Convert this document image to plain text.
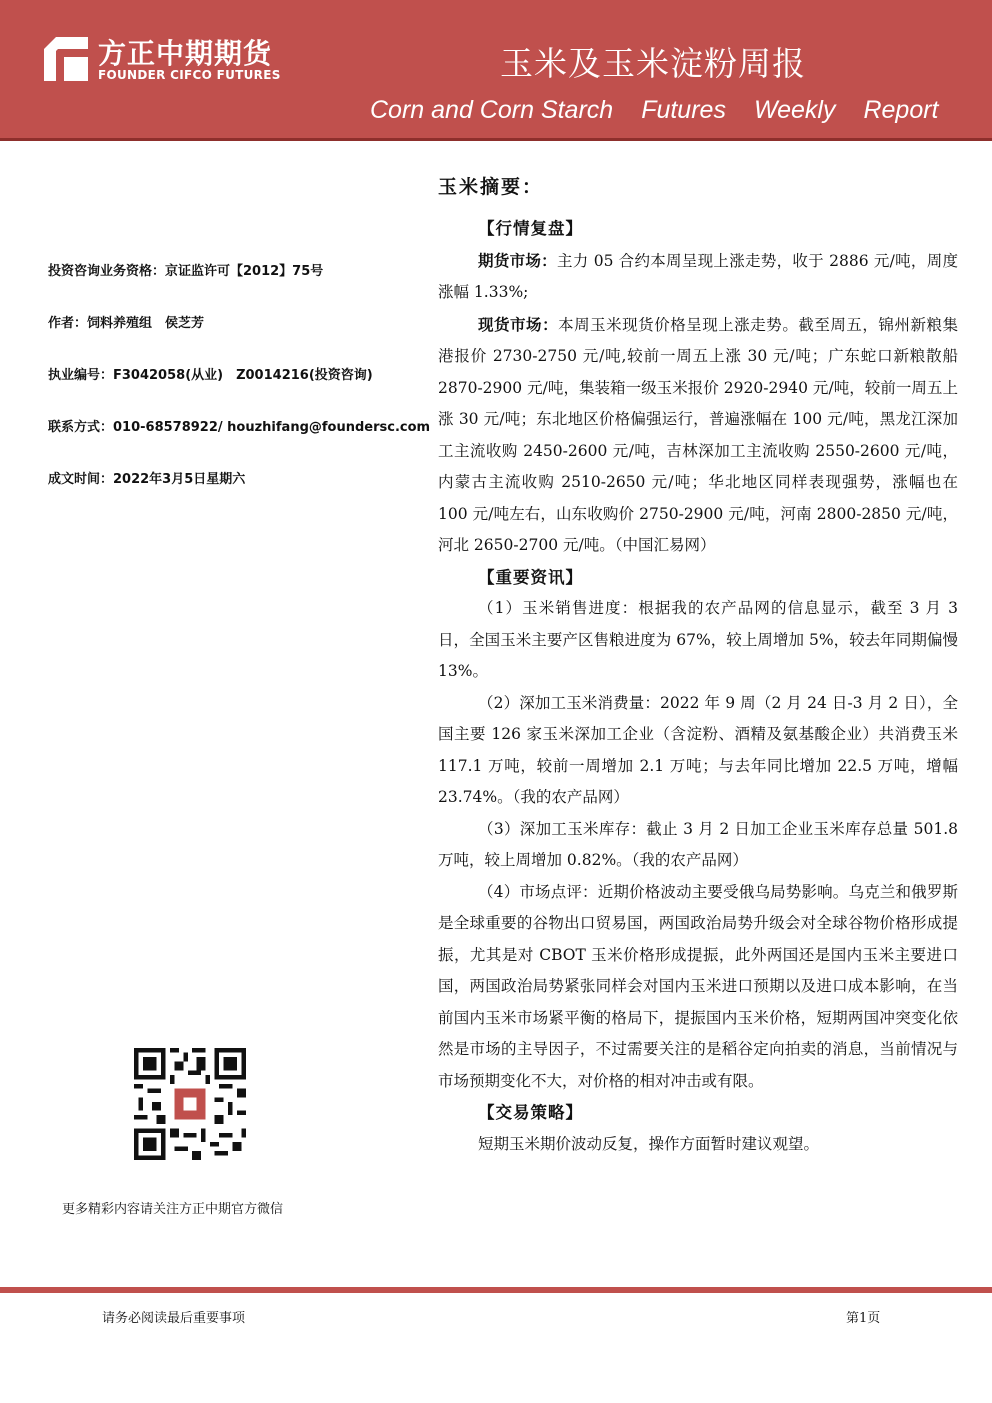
方正中期期货
FOUNDER CIFCO FUTURES	玉米及玉米淀粉周报
Corn and Corn Starch Futures Weekly Report
投资咨询业务资格：京证监许可【2012】75号
作者：饲料养殖组　侯芝芳
执业编号：F3042058(从业)　Z0014216(投资咨询)
联系方式：010-68578922/ houzhifang@foundersc.com
成文时间：2022年3月5日星期六
更多精彩内容请关注方正中期官方微信
玉米摘要：
【行情复盘】

期货市场：主力 05 合约本周呈现上涨走势，收于 2886 元/吨，周度涨幅 1.33%;

现货市场：本周玉米现货价格呈现上涨走势。截至周五，锦州新粮集港报价 2730-2750 元/吨,较前一周五上涨 30 元/吨；广东蛇口新粮散船 2870-2900 元/吨，集装箱一级玉米报价 2920-2940 元/吨，较前一周五上涨 30 元/吨；东北地区价格偏强运行，普遍涨幅在 100 元/吨，黑龙江深加工主流收购 2450-2600 元/吨，吉林深加工主流收购 2550-2600 元/吨，内蒙古主流收购 2510-2650 元/吨；华北地区同样表现强势，涨幅也在 100 元/吨左右，山东收购价 2750-2900 元/吨，河南 2800-2850 元/吨，河北 2650-2700 元/吨。（中国汇易网）

【重要资讯】

（1）玉米销售进度：根据我的农产品网的信息显示，截至 3 月 3 日，全国玉米主要产区售粮进度为 67%，较上周增加 5%，较去年同期偏慢 13%。

（2）深加工玉米消费量：2022 年 9 周（2 月 24 日-3 月 2 日），全国主要 126 家玉米深加工企业（含淀粉、酒精及氨基酸企业）共消费玉米 117.1 万吨，较前一周增加 2.1 万吨；与去年同比增加 22.5 万吨，增幅 23.74%。（我的农产品网）

（3）深加工玉米库存：截止 3 月 2 日加工企业玉米库存总量 501.8 万吨，较上周增加 0.82%。（我的农产品网）

（4）市场点评：近期价格波动主要受俄乌局势影响。乌克兰和俄罗斯是全球重要的谷物出口贸易国，两国政治局势升级会对全球谷物价格形成提振，尤其是对 CBOT 玉米价格形成提振，此外两国还是国内玉米主要进口国，两国政治局势紧张同样会对国内玉米进口预期以及进口成本影响，在当前国内玉米市场紧平衡的格局下，提振国内玉米价格，短期两国冲突变化依然是市场的主导因子，不过需要关注的是稻谷定向拍卖的消息，当前情况与市场预期变化不大，对价格的相对冲击或有限。

【交易策略】

短期玉米期价波动反复，操作方面暂时建议观望。

请务必阅读最后重要事项	第1页
